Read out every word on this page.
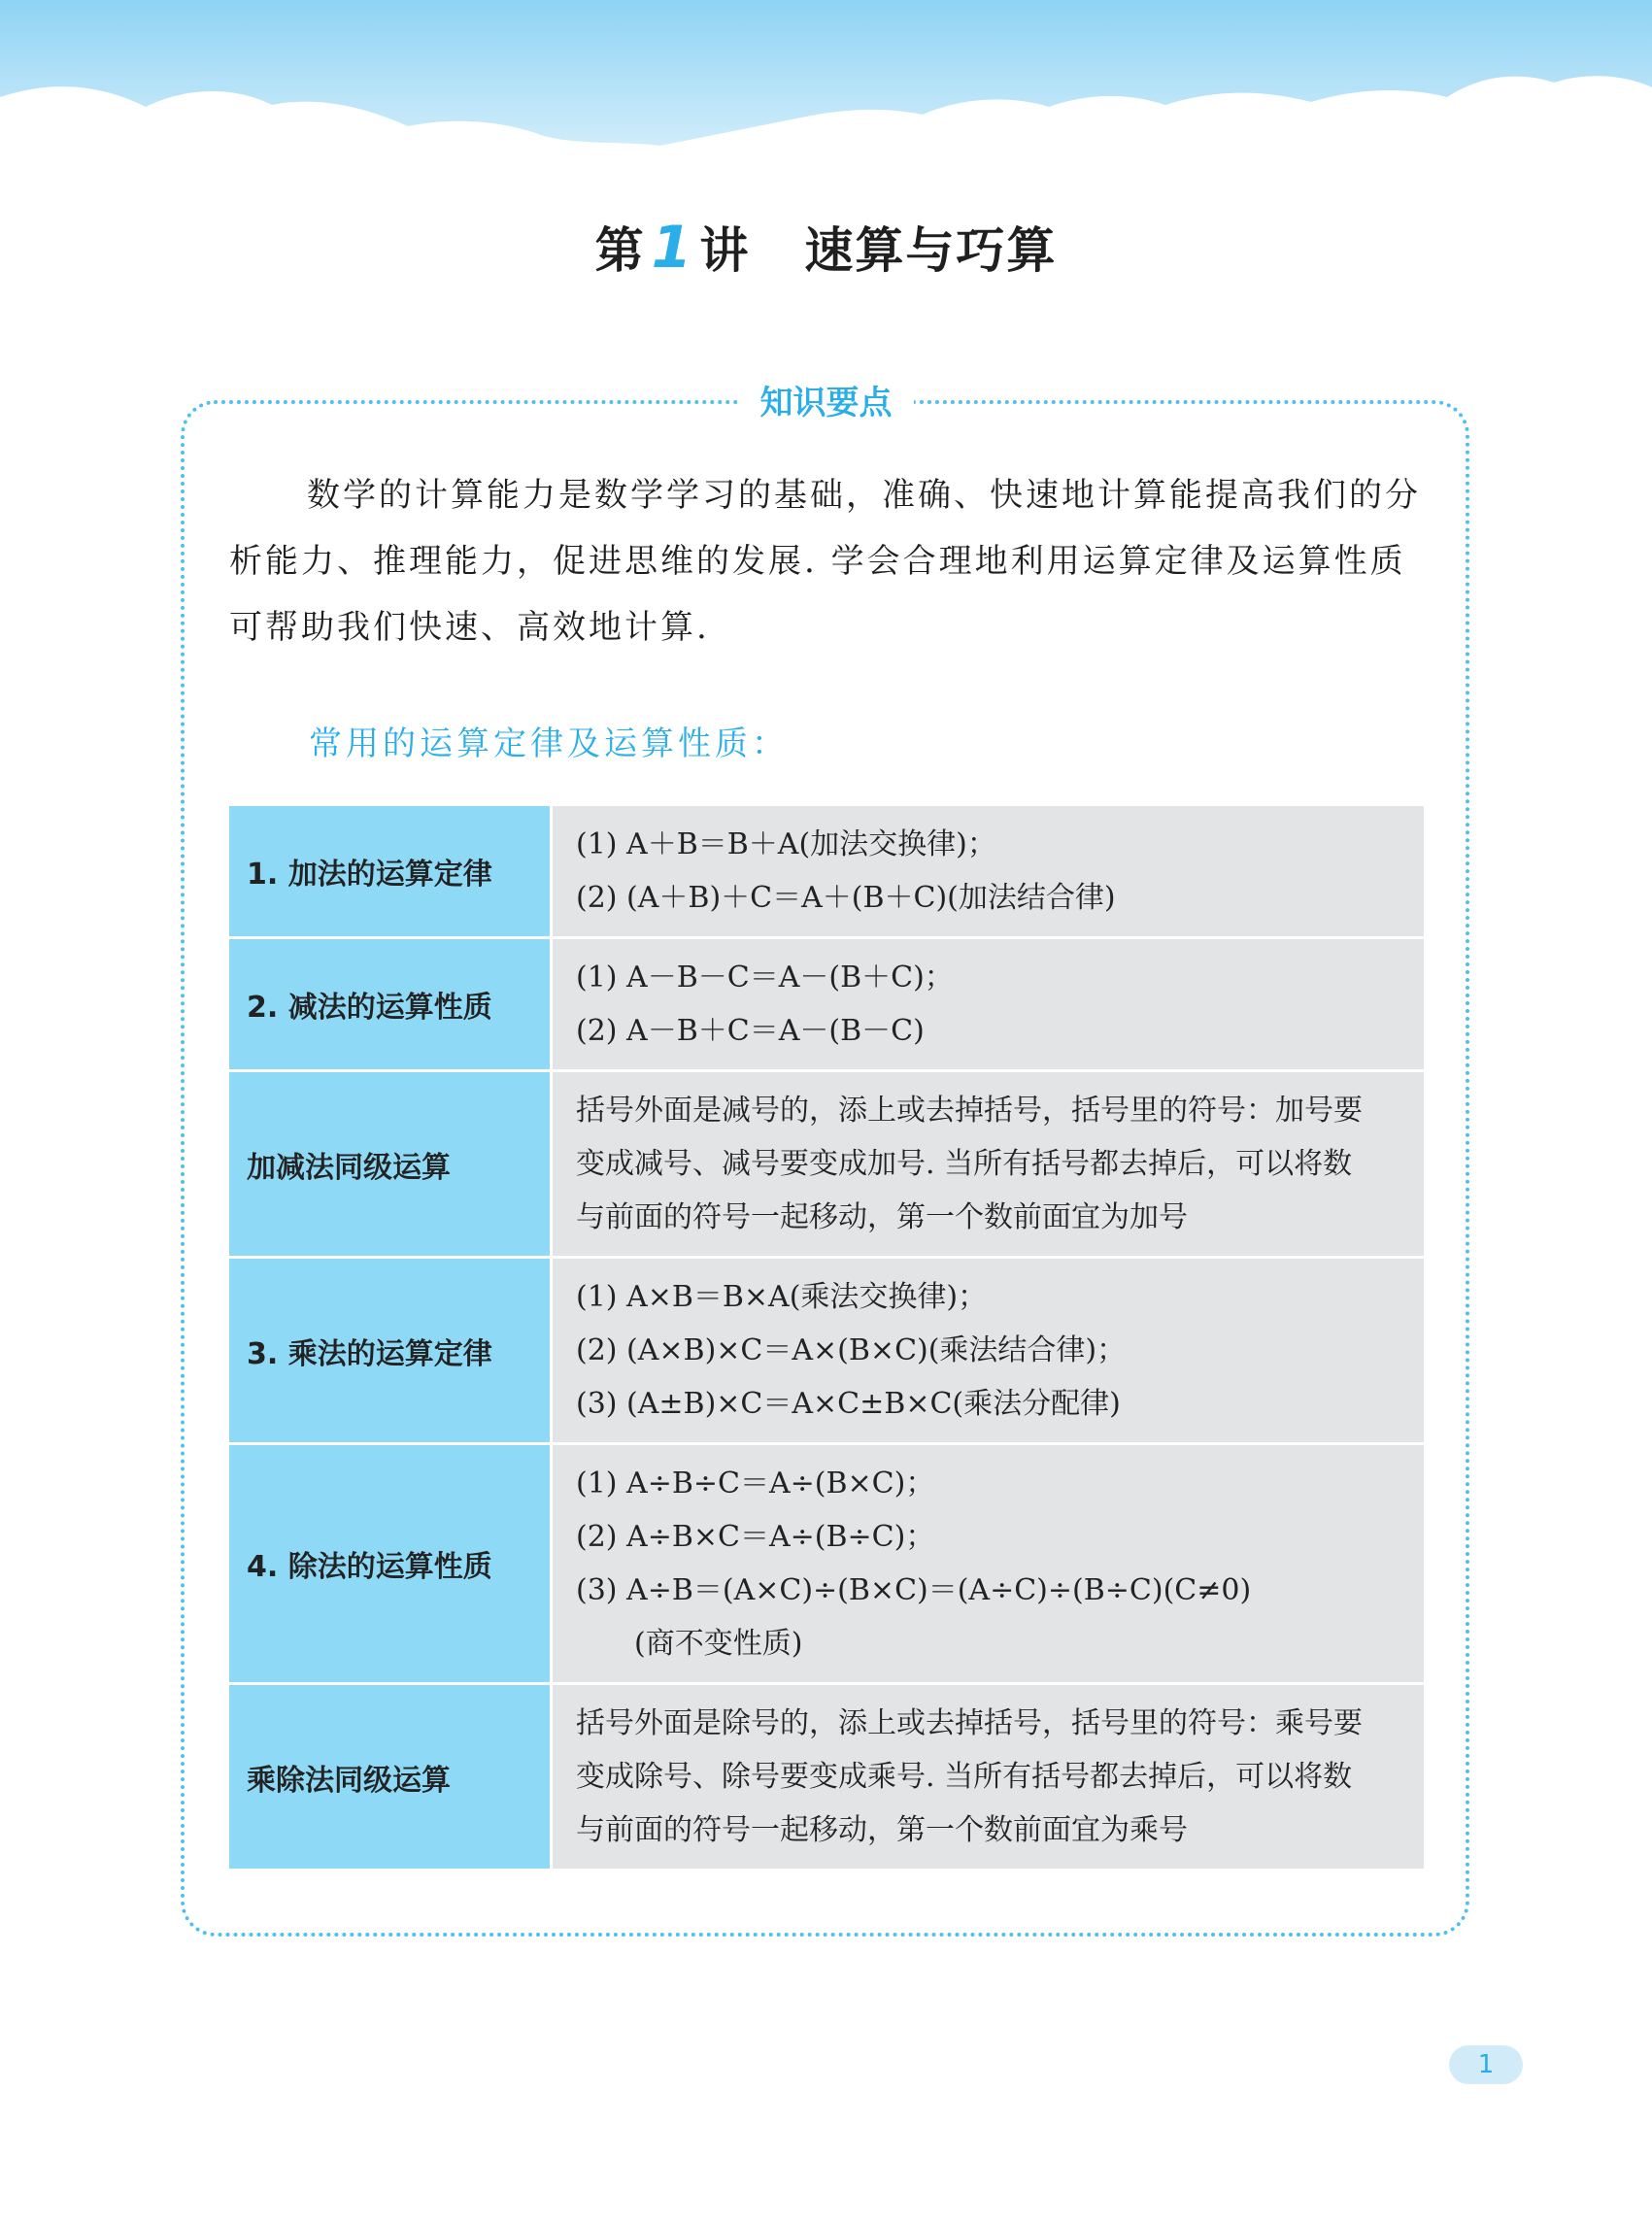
第 1 讲 速算与巧算
知识要点

数学的计算能力是数学学习的基础，准确、快速地计算能提高我们的分析能力、推理能力，促进思维的发展. 学会合理地利用运算定律及运算性质可帮助我们快速、高效地计算.

常用的运算定律及运算性质：
1. 加法的运算定律	(1) A＋B＝B＋A(加法交换律)；
(2) (A＋B)＋C＝A＋(B＋C)(加法结合律)

2. 减法的运算性质	(1) A－B－C＝A－(B＋C)；
(2) A－B＋C＝A－(B－C)

加减法同级运算	括号外面是减号的，添上或去掉括号，括号里的符号：加号要
变成减号、减号要变成加号. 当所有括号都去掉后，可以将数
与前面的符号一起移动，第一个数前面宜为加号

3. 乘法的运算定律	(1) A×B＝B×A(乘法交换律)；
(2) (A×B)×C＝A×(B×C)(乘法结合律)；
(3) (A±B)×C＝A×C±B×C(乘法分配律)

4. 除法的运算性质	(1) A÷B÷C＝A÷(B×C)；
(2) A÷B×C＝A÷(B÷C)；
(3) A÷B＝(A×C)÷(B×C)＝(A÷C)÷(B÷C)(C≠0)
(商不变性质)

乘除法同级运算	括号外面是除号的，添上或去掉括号，括号里的符号：乘号要
变成除号、除号要变成乘号. 当所有括号都去掉后，可以将数
与前面的符号一起移动，第一个数前面宜为乘号
1
